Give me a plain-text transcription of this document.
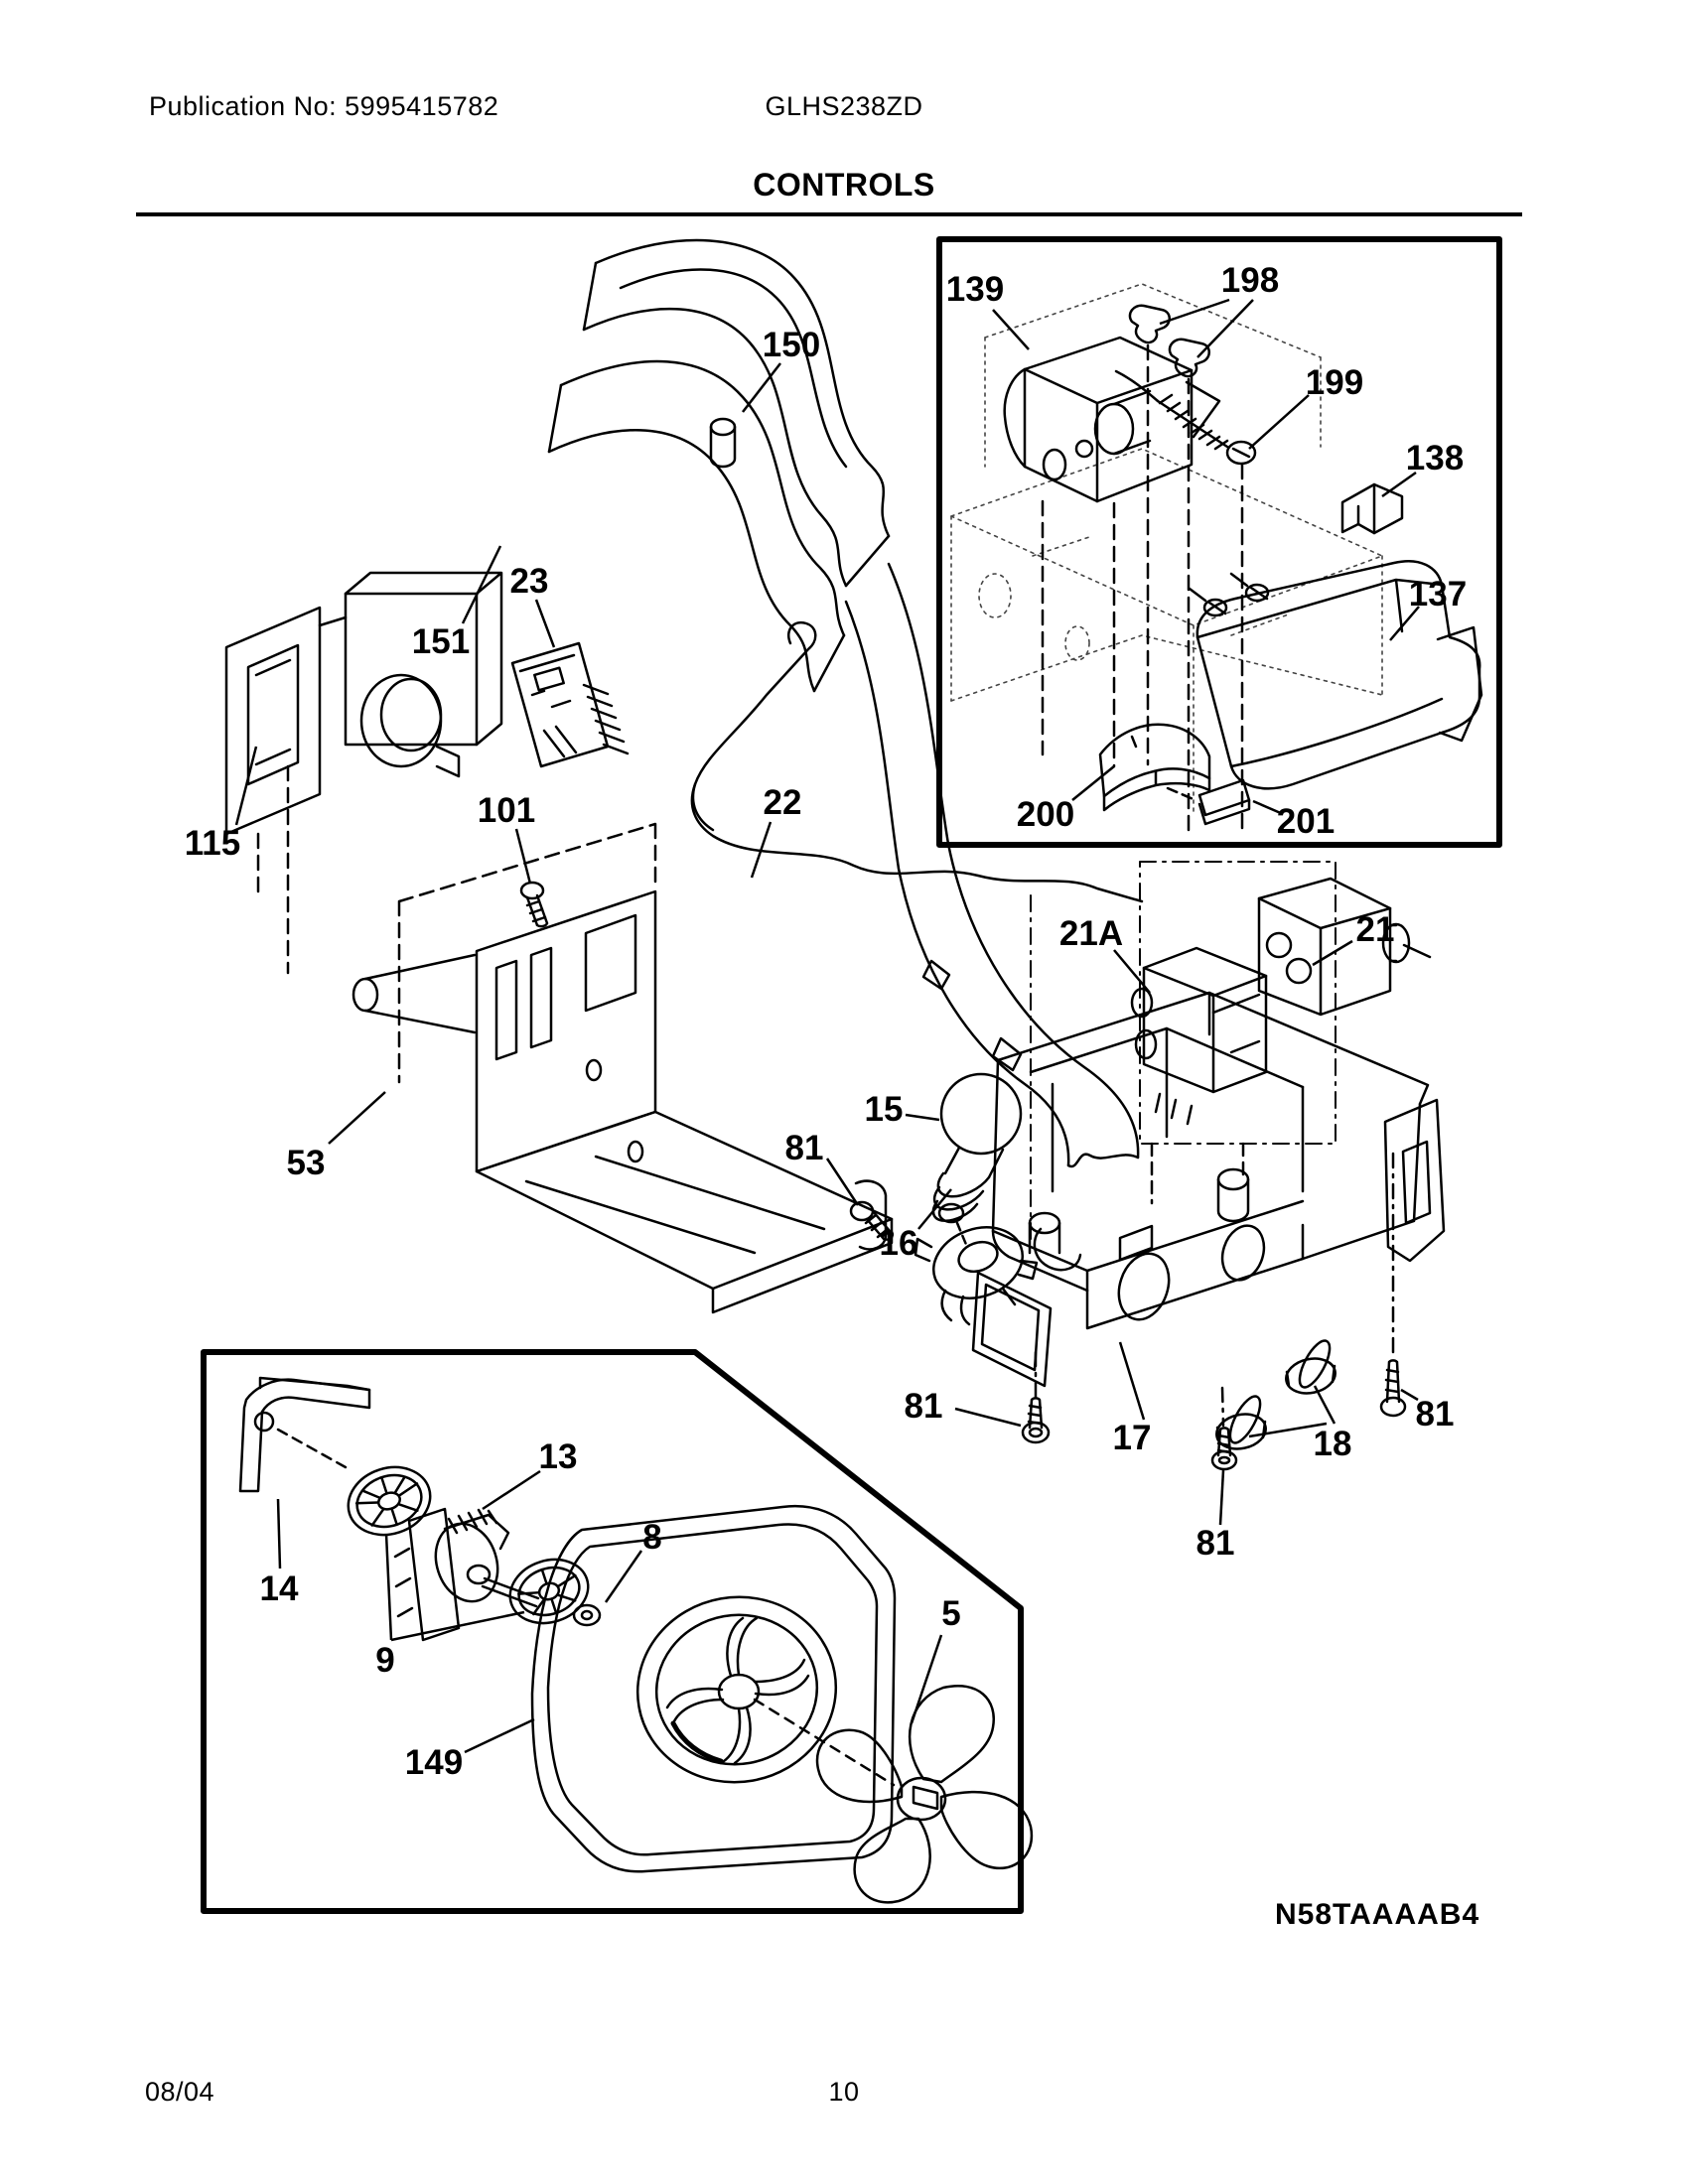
Publication No: 5995415782	GLHS238ZD
CONTROLS
139	198
199
138
137
200	201
150
151
23
115
101	22
21A	21
15
81
53
16
81
17	18
81
81
13
14
8
9
149
5
N58TAAAAB4
08/04	10
